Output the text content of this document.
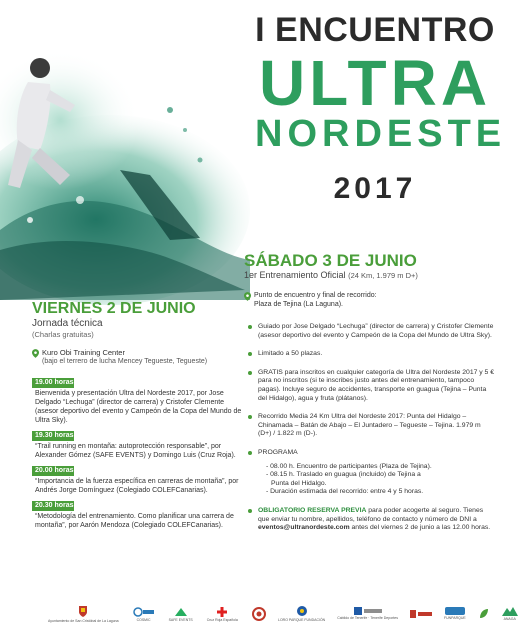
I ENCUENTRO
ULTRA
NORDESTE
2017
VIERNES 2 DE JUNIO
Jornada técnica
(Charlas gratuitas)
Kuro Obi Training Center
(bajo el terrero de lucha Mencey Tegueste, Tegueste)
19.00 horas
Bienvenida y presentación Ultra del Nordeste 2017, por Jose Delgado “Lechuga” (director de carrera) y Cristofer Clemente (asesor deportivo del evento y Campeón de la Copa del Mundo de Ultra Sky).
19.30 horas
“Trail running en montaña: autoprotección responsable”, por Alexander Gómez (SAFE EVENTS) y Domingo Luis (Cruz Roja).
20.00 horas
“Importancia de la fuerza específica en carreras de montaña”, por Andrés Jorge Domínguez (Colegiado COLEFCanarias).
20.30 horas
“Metodología del entrenamiento. Como planificar una carrera de montaña”, por Aarón Mendoza (Colegiado COLEFCanarias).
SÁBADO 3 DE JUNIO
1er Entrenamiento Oficial (24 Km, 1.979 m D+)
Punto de encuentro y final de recorrido:
Plaza de Tejina (La Laguna).
Guiado por Jose Delgado “Lechuga” (director de carrera) y Cristofer Clemente (asesor deportivo del evento y Campeón de la Copa del Mundo de Ultra Sky).
Limitado a 50 plazas.
GRATIS para inscritos en cualquier categoría de Ultra del Nordeste 2017 y 5 € para no inscritos (si te inscribes justo antes del entrenamiento, tampoco pagas). Incluye seguro de accidentes, transporte en guagua (Tejina – Punta del Hidalgo), agua y fruta (plátanos).
Recorrido Media 24 Km Ultra del Nordeste 2017: Punta del Hidalgo – Chinamada – Batán de Abajo – El Juntadero – Tegueste – Tejina. 1.979 m (D+) / 1.822 m (D-).
PROGRAMA
- 08.00 h. Encuentro de participantes (Plaza de Tejina).
- 08.15 h. Traslado en guagua (incluido) de Tejina a
Punta del Hidalgo.
- Duración estimada del recorrido: entre 4 y 5 horas.
OBLIGATORIO RESERVA PREVIA para poder acogerte al seguro. Tienes que enviar tu nombre, apellidos, teléfono de contacto y número de DNI a eventos@ultranordeste.com antes del viernes 2 de junio a las 12.00 horas.
Ayuntamiento de San Cristóbal de La Laguna	COSMIC	SAFE EVENTS	Cruz Roja Española	LORO PARQUE FUNDACIÓN	Cabildo de Tenerife · Tenerife Deportes	FUNPARQUE	ANAGA
